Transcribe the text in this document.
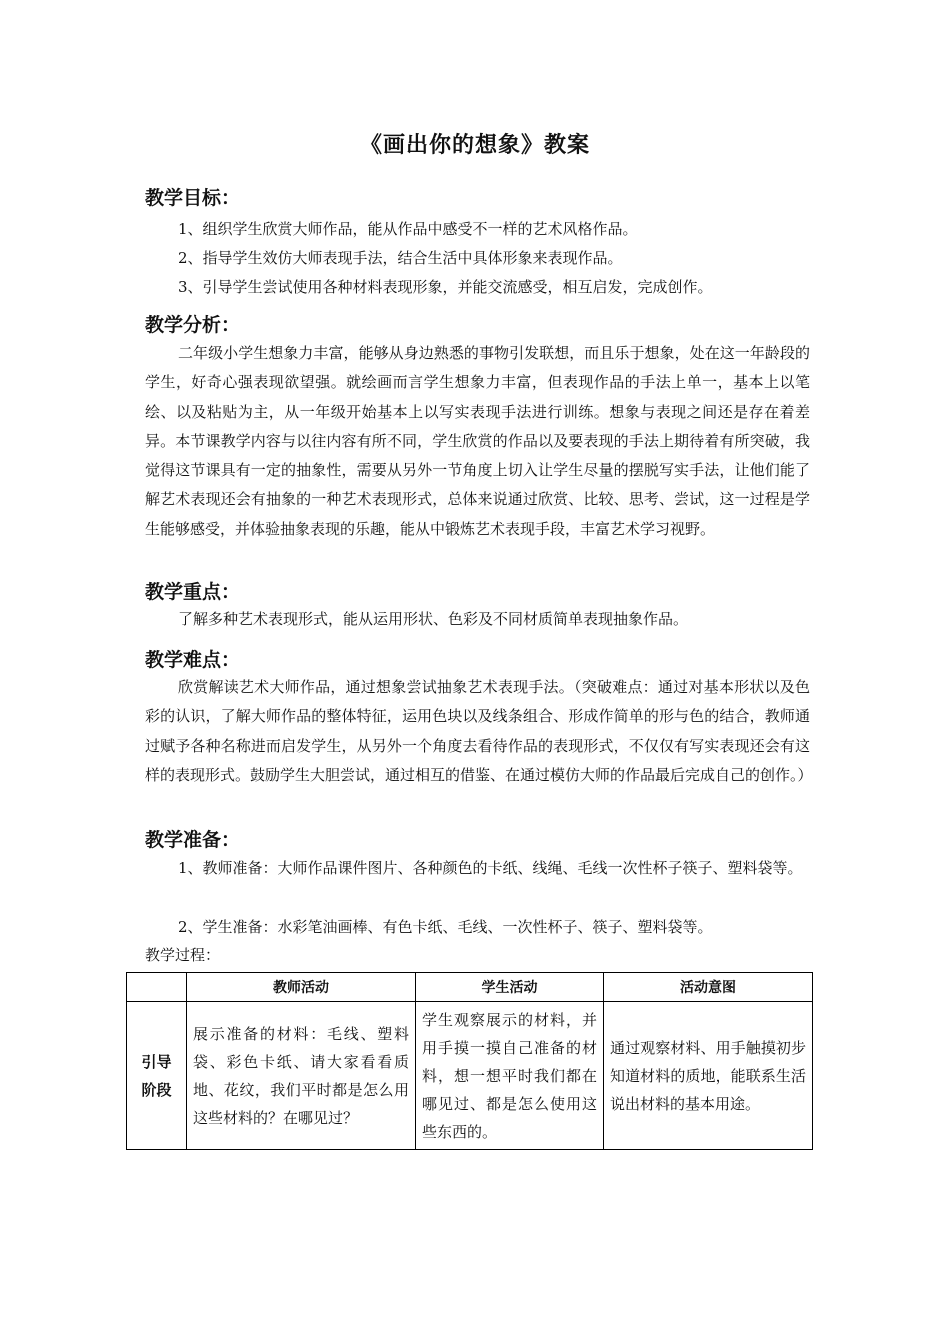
《画出你的想象》教案
教学目标：
1、组织学生欣赏大师作品，能从作品中感受不一样的艺术风格作品。
2、指导学生效仿大师表现手法，结合生活中具体形象来表现作品。
3、引导学生尝试使用各种材料表现形象，并能交流感受，相互启发，完成创作。
教学分析：
二年级小学生想象力丰富，能够从身边熟悉的事物引发联想，而且乐于想象，处在这一年龄段的学生，好奇心强表现欲望强。就绘画而言学生想象力丰富，但表现作品的手法上单一，基本上以笔绘、以及粘贴为主，从一年级开始基本上以写实表现手法进行训练。想象与表现之间还是存在着差异。本节课教学内容与以往内容有所不同，学生欣赏的作品以及要表现的手法上期待着有所突破，我觉得这节课具有一定的抽象性，需要从另外一节角度上切入让学生尽量的摆脱写实手法，让他们能了解艺术表现还会有抽象的一种艺术表现形式，总体来说通过欣赏、比较、思考、尝试，这一过程是学生能够感受，并体验抽象表现的乐趣，能从中锻炼艺术表现手段，丰富艺术学习视野。
教学重点：
了解多种艺术表现形式，能从运用形状、色彩及不同材质简单表现抽象作品。
教学难点：
欣赏解读艺术大师作品，通过想象尝试抽象艺术表现手法。（突破难点：通过对基本形状以及色彩的认识，了解大师作品的整体特征，运用色块以及线条组合、形成作简单的形与色的结合，教师通过赋予各种名称进而启发学生，从另外一个角度去看待作品的表现形式，不仅仅有写实表现还会有这样的表现形式。鼓励学生大胆尝试，通过相互的借鉴、在通过模仿大师的作品最后完成自己的创作。）
教学准备：
1、教师准备：大师作品课件图片、各种颜色的卡纸、线绳、毛线一次性杯子筷子、塑料袋等。
2、学生准备：水彩笔油画棒、有色卡纸、毛线、一次性杯子、筷子、塑料袋等。
教学过程：
	教师活动	学生活动	活动意图

引导阶段	展示准备的材料：毛线、塑料袋、彩色卡纸、请大家看看质地、花纹，我们平时都是怎么用这些材料的？在哪见过？	学生观察展示的材料，并用手摸一摸自己准备的材料，想一想平时我们都在哪见过、都是怎么使用这些东西的。	通过观察材料、用手触摸初步知道材料的质地，能联系生活说出材料的基本用途。
